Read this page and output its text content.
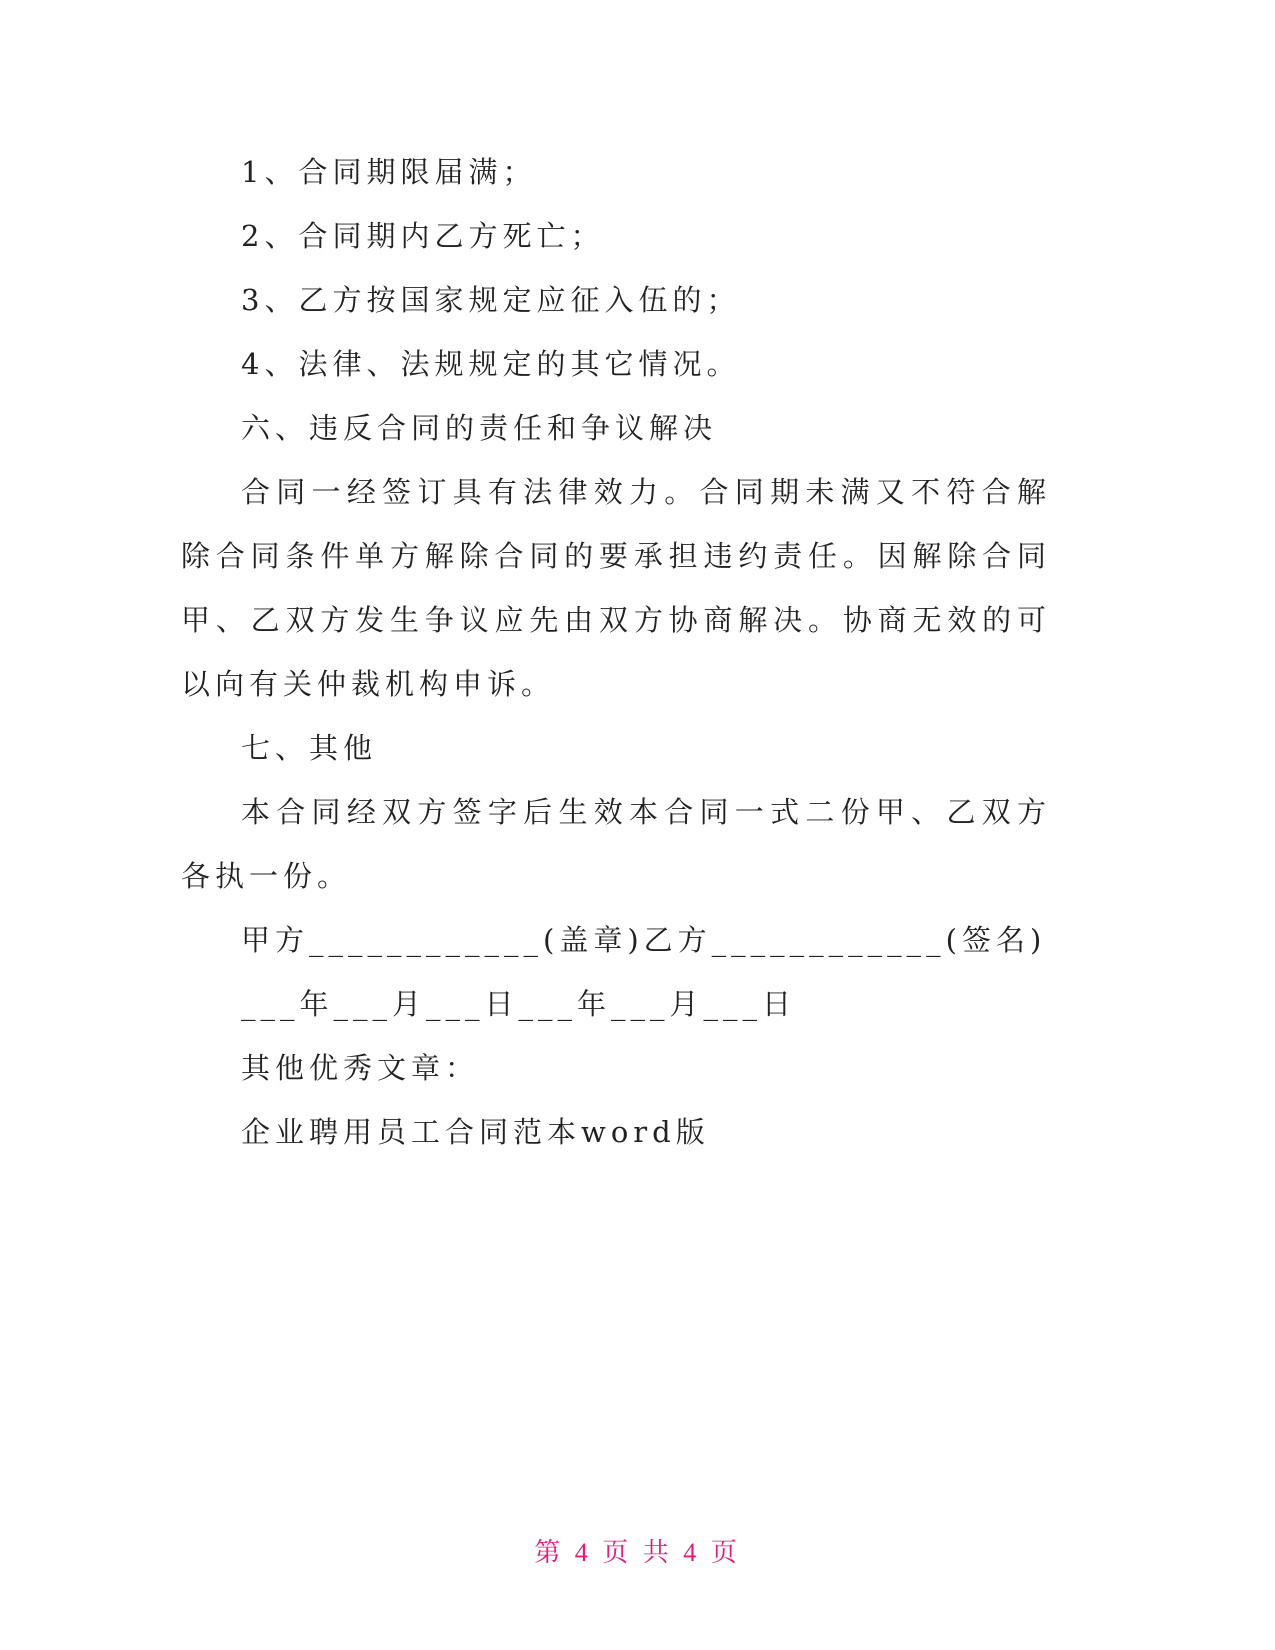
1、合同期限届满；
2、合同期内乙方死亡；
3、乙方按国家规定应征入伍的；
4、法律、法规规定的其它情况。
六、违反合同的责任和争议解决
合同一经签订具有法律效力。合同期未满又不符合解除合同条件单方解除合同的要承担违约责任。因解除合同甲、乙双方发生争议应先由双方协商解决。协商无效的可以向有关仲裁机构申诉。
七、其他
本合同经双方签字后生效本合同一式二份甲、乙双方各执一份。
甲方____________(盖章)乙方____________(签名)
___年___月___日___年___月___日
其他优秀文章：
企业聘用员工合同范本word版
第 4 页 共 4 页
